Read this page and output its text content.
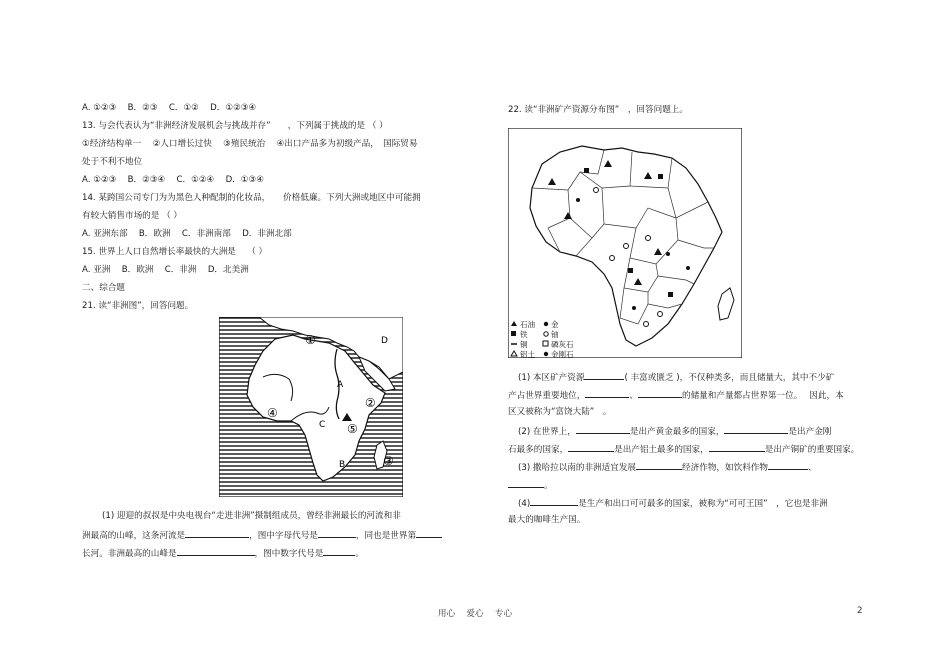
A. ①②③　 B．②③　 C．①②　 D．①②③④
13. 与会代表认为“非洲经济发展机会与挑战并存”　　，下列属于挑战的是 （ ）
①经济结构单一　 ②人口增长过快　 ③殖民统治　 ④出口产品多为初级产品，　国际贸易
处于不利不地位
A. ①②③　 B．②③④　 C．①②④　 D．①③④
14. 某跨国公司专门为为黑色人种配制的化妆品，　　价格低廉。下列大洲或地区中可能拥
有较大销售市场的是 （ ）
A. 亚洲东部　 B．欧洲　 C．非洲南部　 D．非洲北部
15. 世界上人口自然增长率最快的大洲是　 （ ）
A. 亚洲　 B．欧洲　 C．非洲　 D．北美洲
二、综合题
21. 读“非洲图”，回答问题。
①
②
③
④
⑤
A
B
C
D
(1) 迎迎的叔叔是中央电视台“走进非洲”摄制组成员，曾经非洲最长的河流和非
洲最高的山峰，这条河流是	，图中字母代号是	，同也是世界第
长河。非洲最高的山峰是	，图中数字代号是	。
22. 读“非洲矿产资源分布图”　，回答问题上。
石油 金
铁	铀
铜	磷灰石
铝土 金刚石
(1) 本区矿产资源	( 丰富或匮乏 )，不仅种类多，而且储量大，其中不少矿
产占世界重要地位，	、	的储量和产量都占世界第一位。　 因此，本
区又被称为“富饶大陆”　。
(2) 在世界上，	是出产黄金最多的国家，	是出产金刚
石最多的国家，	是出产铝土最多的国家，	是出产铜矿的重要国家。
(3) 撒哈拉以南的非洲适宜发展	经济作物，如饮料作物	、
。
(4)	是生产和出口可可最多的国家，被称为“可可王国”　，它也是非洲
最大的咖啡生产国。
用心　 爱心　 专心	2
